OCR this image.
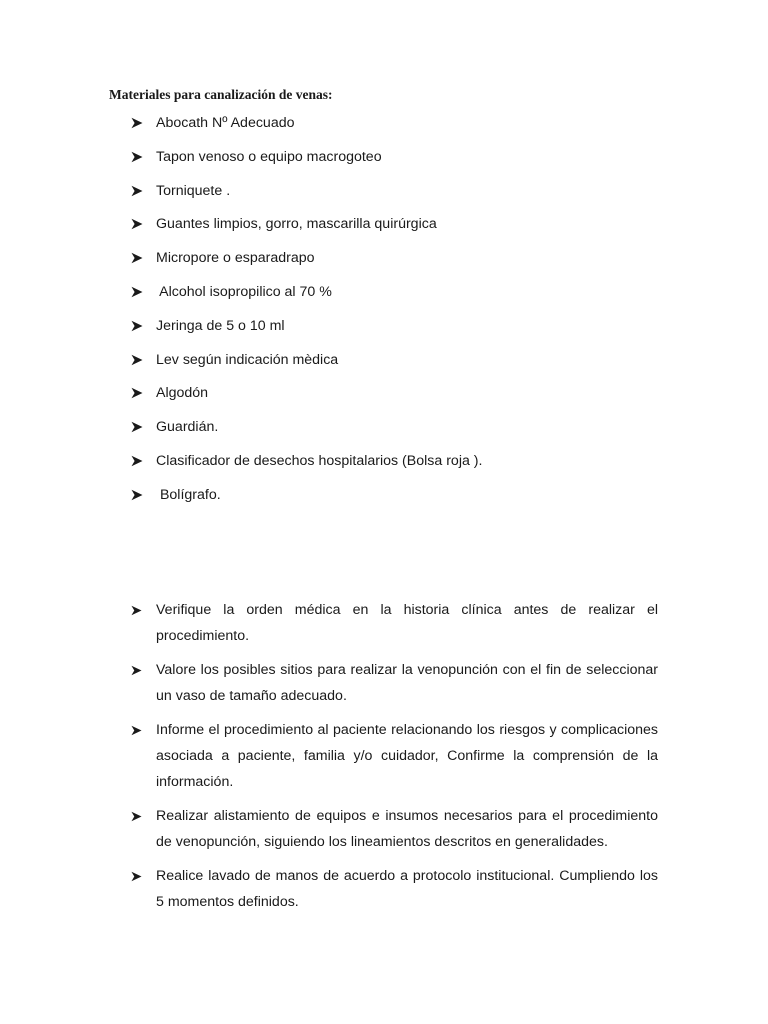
Materiales para canalización de venas:
Abocath Nº Adecuado
Tapon venoso o equipo macrogoteo
Torniquete .
Guantes limpios, gorro, mascarilla quirúrgica
Micropore o esparadrapo
Alcohol isopropilico al 70 %
Jeringa de 5 o 10 ml
Lev según indicación mèdica
Algodón
Guardián.
Clasificador de desechos hospitalarios (Bolsa roja ).
Bolígrafo.
Verifique la orden médica en la historia clínica antes de realizar el procedimiento.
Valore los posibles sitios para realizar la venopunción con el fin de seleccionar un vaso de tamaño adecuado.
Informe el procedimiento al paciente relacionando los riesgos y complicaciones asociada a paciente, familia y/o cuidador, Confirme la comprensión de la información.
Realizar alistamiento de equipos e insumos necesarios para el procedimiento de venopunción, siguiendo los lineamientos descritos en generalidades.
Realice lavado de manos de acuerdo a protocolo institucional. Cumpliendo los 5 momentos definidos.
